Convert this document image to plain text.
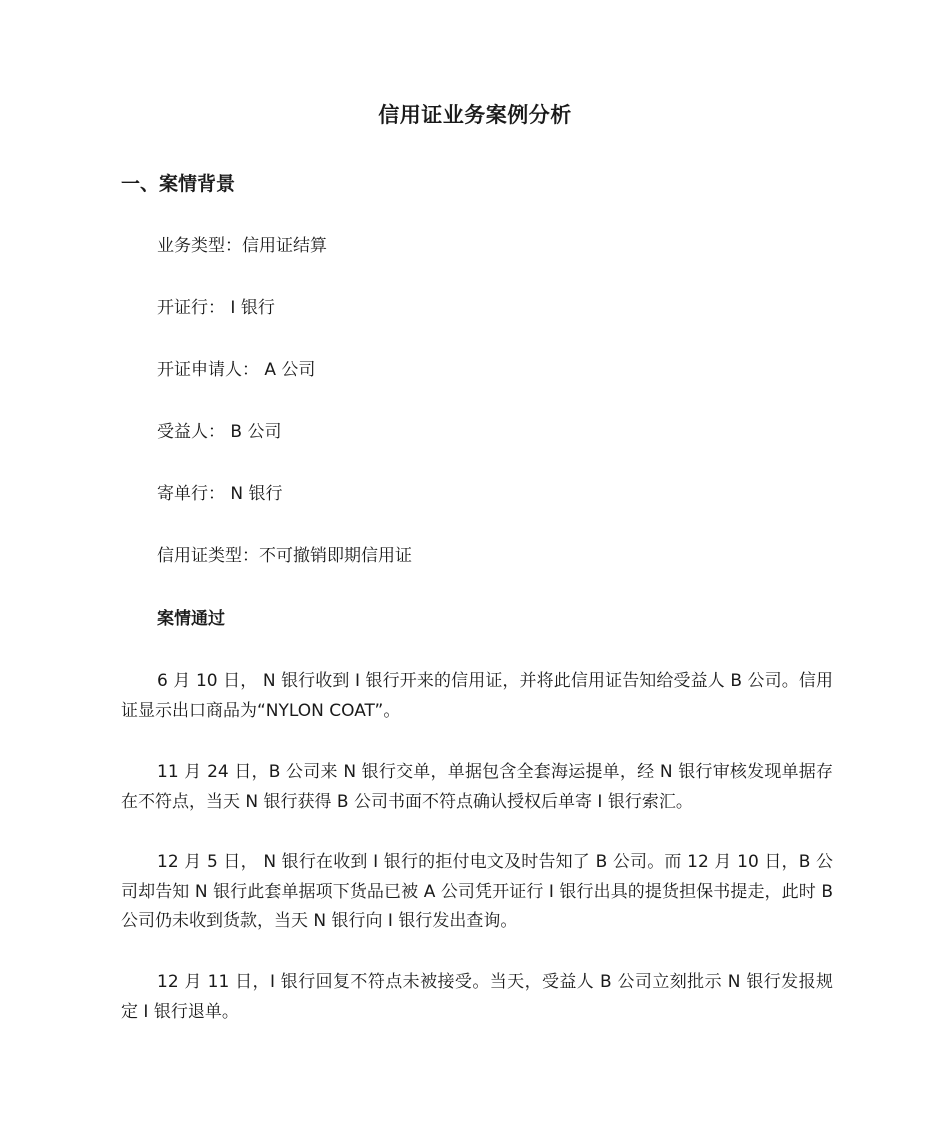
信用证业务案例分析
一、案情背景
业务类型：信用证结算
开证行： I 银行
开证申请人： A 公司
受益人： B 公司
寄单行： N 银行
信用证类型：不可撤销即期信用证
案情通过
6 月 10 日， N 银行收到 I 银行开来的信用证，并将此信用证告知给受益人 B 公司。信用证显示出口商品为“NYLON COAT”。
11 月 24 日，B 公司来 N 银行交单，单据包含全套海运提单，经 N 银行审核发现单据存在不符点，当天 N 银行获得 B 公司书面不符点确认授权后单寄 I 银行索汇。
12 月 5 日， N 银行在收到 I 银行的拒付电文及时告知了 B 公司。而 12 月 10 日，B 公司却告知 N 银行此套单据项下货品已被 A 公司凭开证行 I 银行出具的提货担保书提走，此时 B 公司仍未收到货款，当天 N 银行向 I 银行发出查询。
12 月 11 日，I 银行回复不符点未被接受。当天，受益人 B 公司立刻批示 N 银行发报规定 I 银行退单。
